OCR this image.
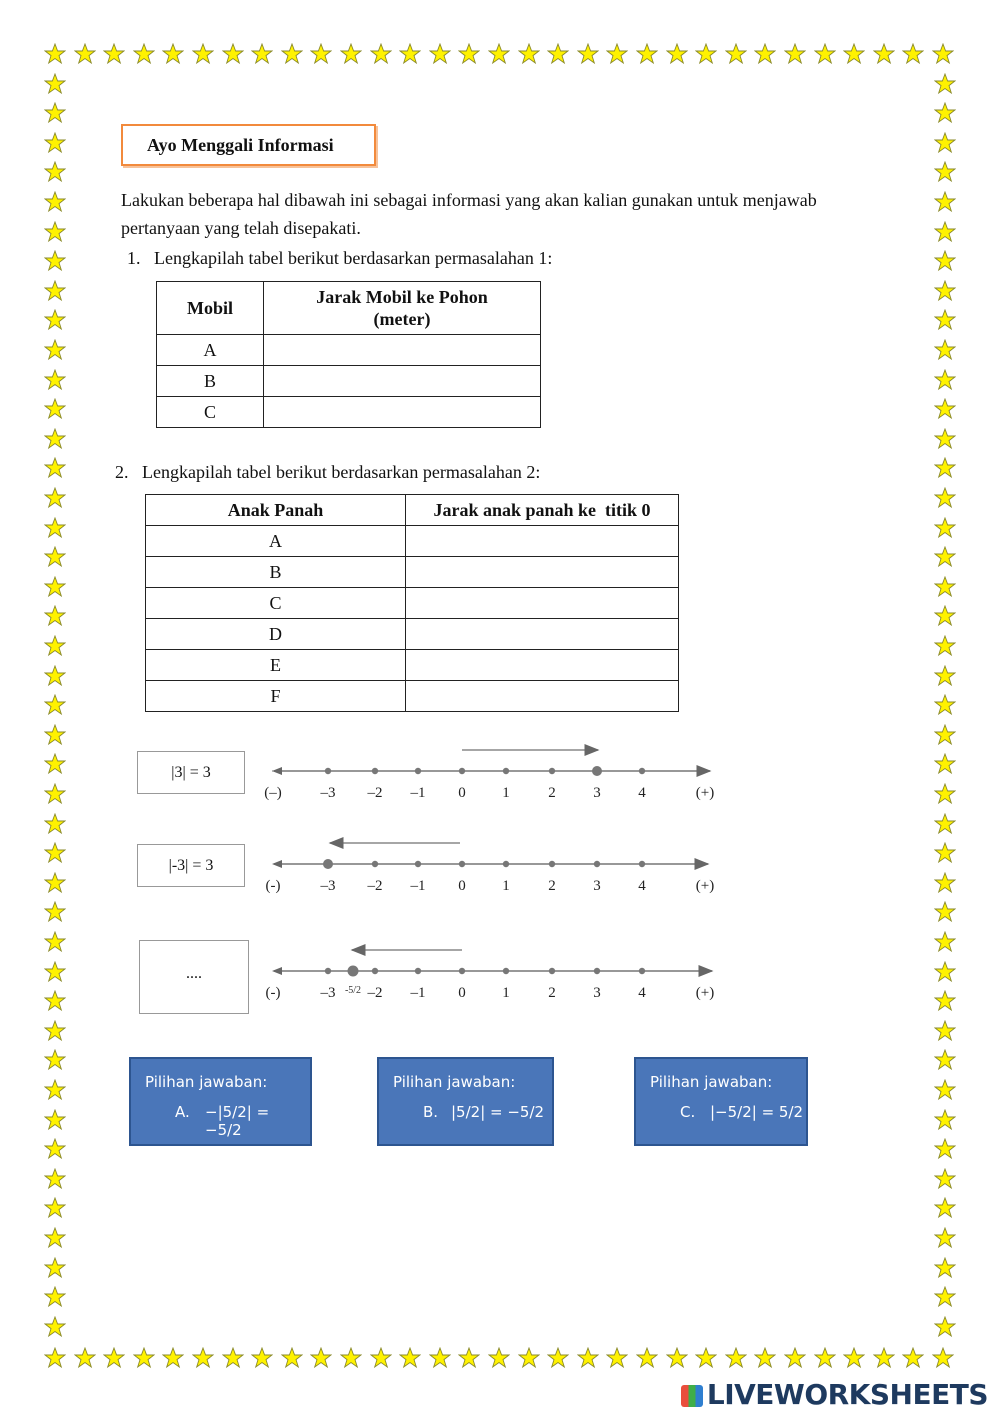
Ayo Menggali Informasi
Lakukan beberapa hal dibawah ini sebagai informasi yang akan kalian gunakan untuk menjawab pertanyaan yang telah disepakati.
1. Lengkapilah tabel berikut berdasarkan permasalahan 1:
Mobil	Jarak Mobil ke Pohon
(meter)

A	
B	
C	
2. Lengkapilah tabel berikut berdasarkan permasalahan 2:
Anak Panah	Jarak anak panah ke  titik 0
A	
B	
C	
D	
E	
F	
|3| = 3
|-3| = 3
....
(–)	–3 –2 –1 0 1	2	3	4	(+)
(-)	–3 –2 –1 0 1	2	3	4	(+)
(-)	–3 –2 –1 0 1	2	3	4	(+)
-5/2
Pilihan jawaban:
A. −|5/2| = −5/2
Pilihan jawaban:
B. |5/2| = −5/2
Pilihan jawaban:
C. |−5/2| = 5/2
LIVEWORKSHEETS
